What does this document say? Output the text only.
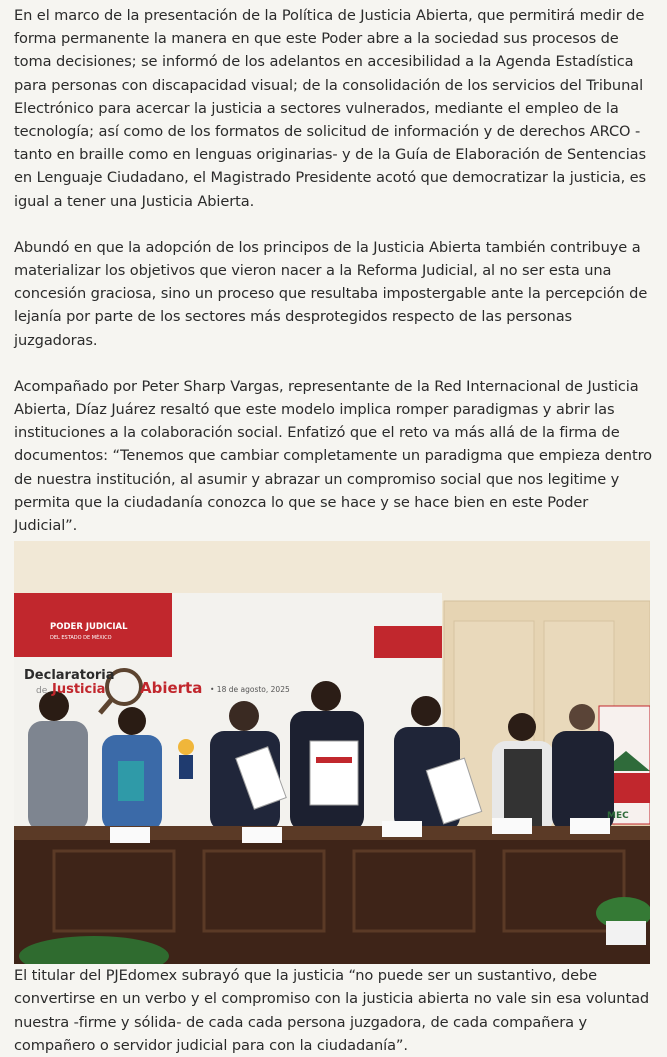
En el marco de la presentación de la Política de Justicia Abierta, que permitirá medir de forma permanente la manera en que este Poder abre a la sociedad sus procesos de toma decisiones; se informó de los adelantos en accesibilidad a la Agenda Estadística para personas con discapacidad visual; de la consolidación de los servicios del Tribunal Electrónico para acercar la justicia a sectores vulnerados, mediante el empleo de la tecnología; así como de los formatos de solicitud de información y de derechos ARCO - tanto en braille como en lenguas originarias- y de la Guía de Elaboración de Sentencias en Lenguaje Ciudadano, el Magistrado Presidente acotó que democratizar la justicia, es igual a tener una Justicia Abierta.

Abundó en que la adopción de los principos de la Justicia Abierta también contribuye a materializar los objetivos que vieron nacer a la Reforma Judicial, al no ser esta una concesión graciosa, sino un proceso que resultaba impostergable ante la percepción de lejanía por parte de los sectores más desprotegidos respecto de las personas juzgadoras.

Acompañado por Peter Sharp Vargas, representante de la Red Internacional de Justicia Abierta, Díaz Juárez resaltó que este modelo implica romper paradigmas y abrir las instituciones a la colaboración social. Enfatizó que el reto va más allá de la firma de documentos: “Tenemos que cambiar completamente un paradigma que empieza dentro de nuestra institución, al asumir y abrazar un compromiso social que nos legitime y permita que la ciudadanía conozca lo que se hace y se hace bien en este Poder Judicial”.

PODER JUDICIAL
DEL ESTADO DE MÉXICO
Declaratoria
de Justicia Abierta • 18 de agosto, 2025
MEC

El titular del PJEdomex subrayó que la justicia “no puede ser un sustantivo, debe convertirse en un verbo y el compromiso con la justicia abierta no vale sin esa voluntad nuestra -firme y sólida- de cada cada persona juzgadora, de cada compañera y compañero o servidor judicial para con la ciudadanía”.
